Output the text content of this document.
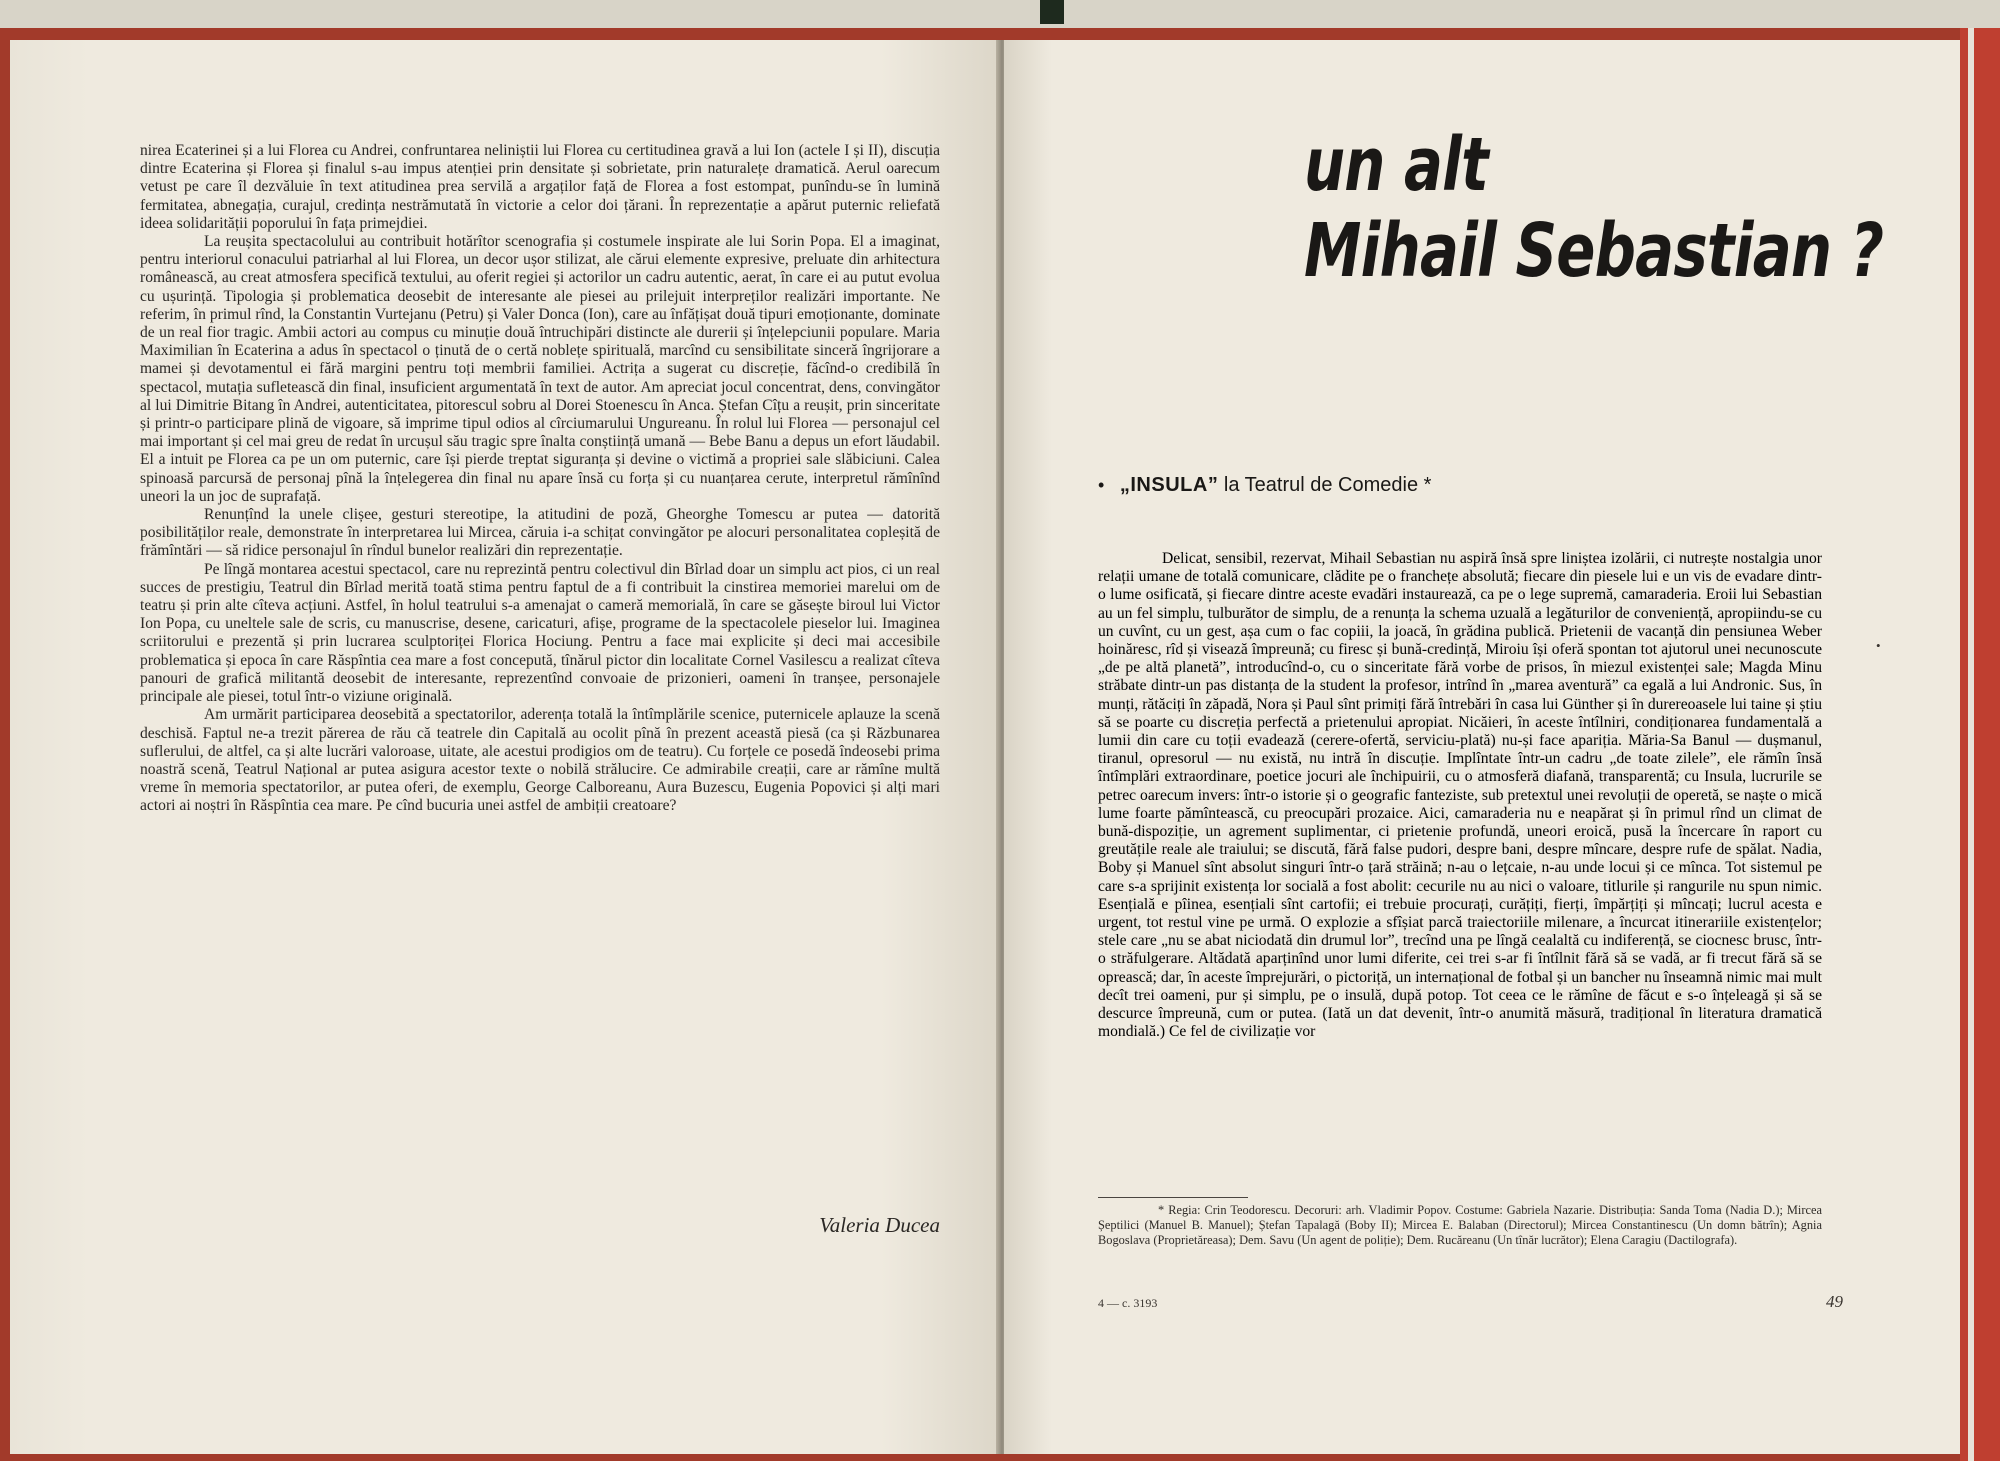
nirea Ecaterinei și a lui Florea cu Andrei, confruntarea neliniștii lui Florea cu certitudinea gravă a lui Ion (actele I și II), discuția dintre Ecaterina și Florea și finalul s-au impus atenției prin densitate și sobrietate, prin naturalețe dramatică. Aerul oarecum vetust pe care îl dezvăluie în text atitudinea prea servilă a argaților față de Florea a fost estompat, punîndu-se în lumină fermitatea, abnegația, curajul, credința nestrămutată în victorie a celor doi țărani. În reprezentație a apărut puternic reliefată ideea solidarității poporului în fața primejdiei.

La reușita spectacolului au contribuit hotărîtor scenografia și costumele inspirate ale lui Sorin Popa. El a imaginat, pentru interiorul conacului patriarhal al lui Florea, un decor ușor stilizat, ale cărui elemente expresive, preluate din arhitectura românească, au creat atmosfera specifică textului, au oferit regiei și actorilor un cadru autentic, aerat, în care ei au putut evolua cu ușurință. Tipologia și problematica deosebit de interesante ale piesei au prilejuit interpreților realizări importante. Ne referim, în primul rînd, la Constantin Vurtejanu (Petru) și Valer Donca (Ion), care au înfățișat două tipuri emoționante, dominate de un real fior tragic. Ambii actori au compus cu minuție două întruchipări distincte ale durerii și înțelepciunii populare. Maria Maximilian în Ecaterina a adus în spectacol o ținută de o certă noblețe spirituală, marcînd cu sensibilitate sinceră îngrijorare a mamei și devotamentul ei fără margini pentru toți membrii familiei. Actrița a sugerat cu discreție, făcînd-o credibilă în spectacol, mutația sufletească din final, insuficient argumentată în text de autor. Am apreciat jocul concentrat, dens, convingător al lui Dimitrie Bitang în Andrei, autenticitatea, pitorescul sobru al Dorei Stoenescu în Anca. Ștefan Cîțu a reușit, prin sinceritate și printr-o participare plină de vigoare, să imprime tipul odios al cîrciumarului Ungureanu. În rolul lui Florea — personajul cel mai important și cel mai greu de redat în urcușul său tragic spre înalta conștiință umană — Bebe Banu a depus un efort lăudabil. El a intuit pe Florea ca pe un om puternic, care își pierde treptat siguranța și devine o victimă a propriei sale slăbiciuni. Calea spinoasă parcursă de personaj pînă la înțelegerea din final nu apare însă cu forța și cu nuanțarea cerute, interpretul rămînînd uneori la un joc de suprafață.

Renunțînd la unele clișee, gesturi stereotipe, la atitudini de poză, Gheorghe Tomescu ar putea — datorită posibilităților reale, demonstrate în interpretarea lui Mircea, căruia i-a schițat convingător pe alocuri personalitatea copleșită de frămîntări — să ridice personajul în rîndul bunelor realizări din reprezentație.

Pe lîngă montarea acestui spectacol, care nu reprezintă pentru colectivul din Bîrlad doar un simplu act pios, ci un real succes de prestigiu, Teatrul din Bîrlad merită toată stima pentru faptul de a fi contribuit la cinstirea memoriei marelui om de teatru și prin alte cîteva acțiuni. Astfel, în holul teatrului s-a amenajat o cameră memorială, în care se găsește biroul lui Victor Ion Popa, cu uneltele sale de scris, cu manuscrise, desene, caricaturi, afișe, programe de la spectacolele pieselor lui. Imaginea scriitorului e prezentă și prin lucrarea sculptoriței Florica Hociung. Pentru a face mai explicite și deci mai accesibile problematica și epoca în care Răspîntia cea mare a fost concepută, tînărul pictor din localitate Cornel Vasilescu a realizat cîteva panouri de grafică militantă deosebit de interesante, reprezentînd convoaie de prizonieri, oameni în tranșee, personajele principale ale piesei, totul într-o viziune originală.

Am urmărit participarea deosebită a spectatorilor, aderența totală la întîmplările scenice, puternicele aplauze la scenă deschisă. Faptul ne-a trezit părerea de rău că teatrele din Capitală au ocolit pînă în prezent această piesă (ca și Răzbunarea suflerului, de altfel, ca și alte lucrări valoroase, uitate, ale acestui prodigios om de teatru). Cu forțele ce posedă îndeosebi prima noastră scenă, Teatrul Național ar putea asigura acestor texte o nobilă strălucire. Ce admirabile creații, care ar rămîne multă vreme în memoria spectatorilor, ar putea oferi, de exemplu, George Calboreanu, Aura Buzescu, Eugenia Popovici și alți mari actori ai noștri în Răspîntia cea mare. Pe cînd bucuria unei astfel de ambiții creatoare?

Valeria Ducea
un alt
Mihail Sebastian ?
• „INSULA” la Teatrul de Comedie *

Delicat, sensibil, rezervat, Mihail Sebastian nu aspiră însă spre liniștea izolării, ci nutrește nostalgia unor relații umane de totală comunicare, clădite pe o franchețe absolută; fiecare din piesele lui e un vis de evadare dintr-o lume osificată, și fiecare dintre aceste evadări instaurează, ca pe o lege supremă, camaraderia. Eroii lui Sebastian au un fel simplu, tulburător de simplu, de a renunța la schema uzuală a legăturilor de conveniență, apropiindu-se cu un cuvînt, cu un gest, așa cum o fac copiii, la joacă, în grădina publică. Prietenii de vacanță din pensiunea Weber hoinăresc, rîd și visează împreună; cu firesc și bună-credință, Miroiu își oferă spontan tot ajutorul unei necunoscute „de pe altă planetă”, introducînd-o, cu o sinceritate fără vorbe de prisos, în miezul existenței sale; Magda Minu străbate dintr-un pas distanța de la student la profesor, intrînd în „marea aventură” ca egală a lui Andronic. Sus, în munți, rătăciți în zăpadă, Nora și Paul sînt primiți fără întrebări în casa lui Günther și în durereoasele lui taine și știu să se poarte cu discreția perfectă a prietenului apropiat. Nicăieri, în aceste întîlniri, condiționarea fundamentală a lumii din care cu toții evadează (cerere-ofertă, serviciu-plată) nu-și face apariția. Măria-Sa Banul — dușmanul, tiranul, opresorul — nu există, nu intră în discuție. Implîntate într-un cadru „de toate zilele”, ele rămîn însă întîmplări extraordinare, poetice jocuri ale închipuirii, cu o atmosferă diafană, transparentă; cu Insula, lucrurile se petrec oarecum invers: într-o istorie și o geografic fanteziste, sub pretextul unei revoluții de operetă, se naște o mică lume foarte pămîntească, cu preocupări prozaice. Aici, camaraderia nu e neapărat și în primul rînd un climat de bună-dispoziție, un agrement suplimentar, ci prietenie profundă, uneori eroică, pusă la încercare în raport cu greutățile reale ale traiului; se discută, fără false pudori, despre bani, despre mîncare, despre rufe de spălat. Nadia, Boby și Manuel sînt absolut singuri într-o țară străină; n-au o lețcaie, n-au unde locui și ce mînca. Tot sistemul pe care s-a sprijinit existența lor socială a fost abolit: cecurile nu au nici o valoare, titlurile și rangurile nu spun nimic. Esențială e pîinea, esențiali sînt cartofii; ei trebuie procurați, curățiți, fierți, împărțiți și mîncați; lucrul acesta e urgent, tot restul vine pe urmă. O explozie a sfîșiat parcă traiectoriile milenare, a încurcat itinerariile existențelor; stele care „nu se abat niciodată din drumul lor”, trecînd una pe lîngă cealaltă cu indiferență, se ciocnesc brusc, într-o străfulgerare. Altădată aparținînd unor lumi diferite, cei trei s-ar fi întîlnit fără să se vadă, ar fi trecut fără să se oprească; dar, în aceste împrejurări, o pictoriță, un internațional de fotbal și un bancher nu înseamnă nimic mai mult decît trei oameni, pur și simplu, pe o insulă, după potop. Tot ceea ce le rămîne de făcut e s-o înțeleagă și să se descurce împreună, cum or putea. (Iată un dat devenit, într-o anumită măsură, tradițional în literatura dramatică mondială.) Ce fel de civilizație vor

•

* Regia: Crin Teodorescu. Decoruri: arh. Vladimir Popov. Costume: Gabriela Nazarie. Distribuția: Sanda Toma (Nadia D.); Mircea Șeptilici (Manuel B. Manuel); Ștefan Tapalagă (Boby II); Mircea E. Balaban (Directorul); Mircea Constantinescu (Un domn bătrîn); Agnia Bogoslava (Proprietăreasa); Dem. Savu (Un agent de poliție); Dem. Rucăreanu (Un tînăr lucrător); Elena Caragiu (Dactilografa).

4 — c. 3193	49
